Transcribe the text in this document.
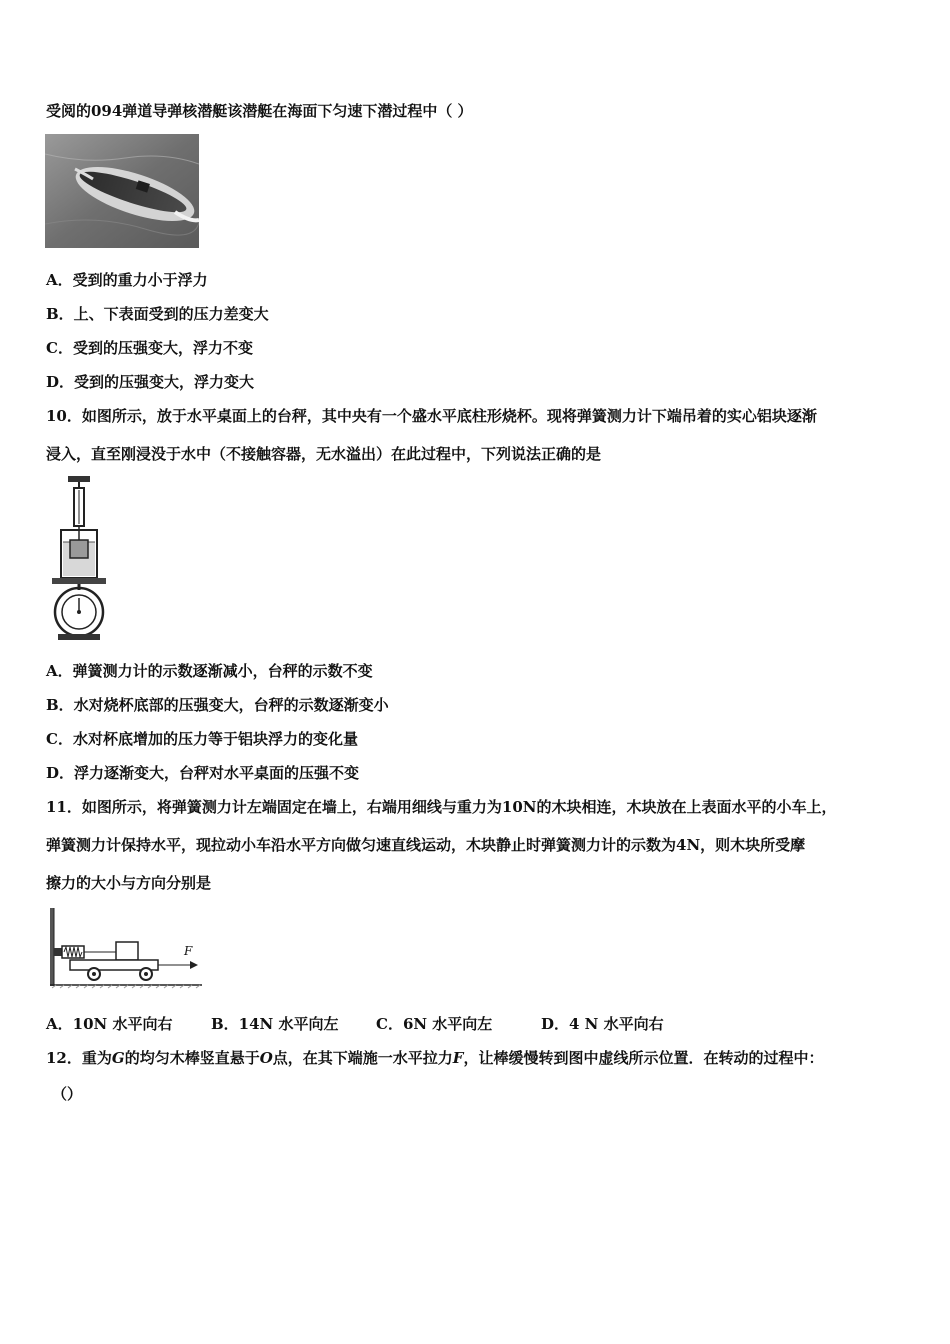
受阅的094弹道导弹核潜艇该潜艇在海面下匀速下潜过程中（ ）
A．受到的重力小于浮力
B．上、下表面受到的压力差变大
C．受到的压强变大，浮力不变
D．受到的压强变大，浮力变大
10．如图所示，放于水平桌面上的台秤，其中央有一个盛水平底柱形烧杯。现将弹簧测力计下端吊着的实心铝块逐渐
浸入，直至刚浸没于水中（不接触容器，无水溢出）在此过程中，下列说法正确的是
A．弹簧测力计的示数逐渐减小，台秤的示数不变
B．水对烧杯底部的压强变大，台秤的示数逐渐变小
C．水对杯底增加的压力等于铝块浮力的变化量
D．浮力逐渐变大，台秤对水平桌面的压强不变
11．如图所示，将弹簧测力计左端固定在墙上，右端用细线与重力为10N的木块相连，木块放在上表面水平的小车上，
弹簧测力计保持水平，现拉动小车沿水平方向做匀速直线运动，木块静止时弹簧测力计的示数为4N，则木块所受摩
擦力的大小与方向分别是
F
A．10N 水平向右	B．14N 水平向左	C．6N 水平向左	D．4 N 水平向右
12．重为G的均匀木棒竖直悬于O点，在其下端施一水平拉力F，让棒缓慢转到图中虚线所示位置．在转动的过程中：
（）
